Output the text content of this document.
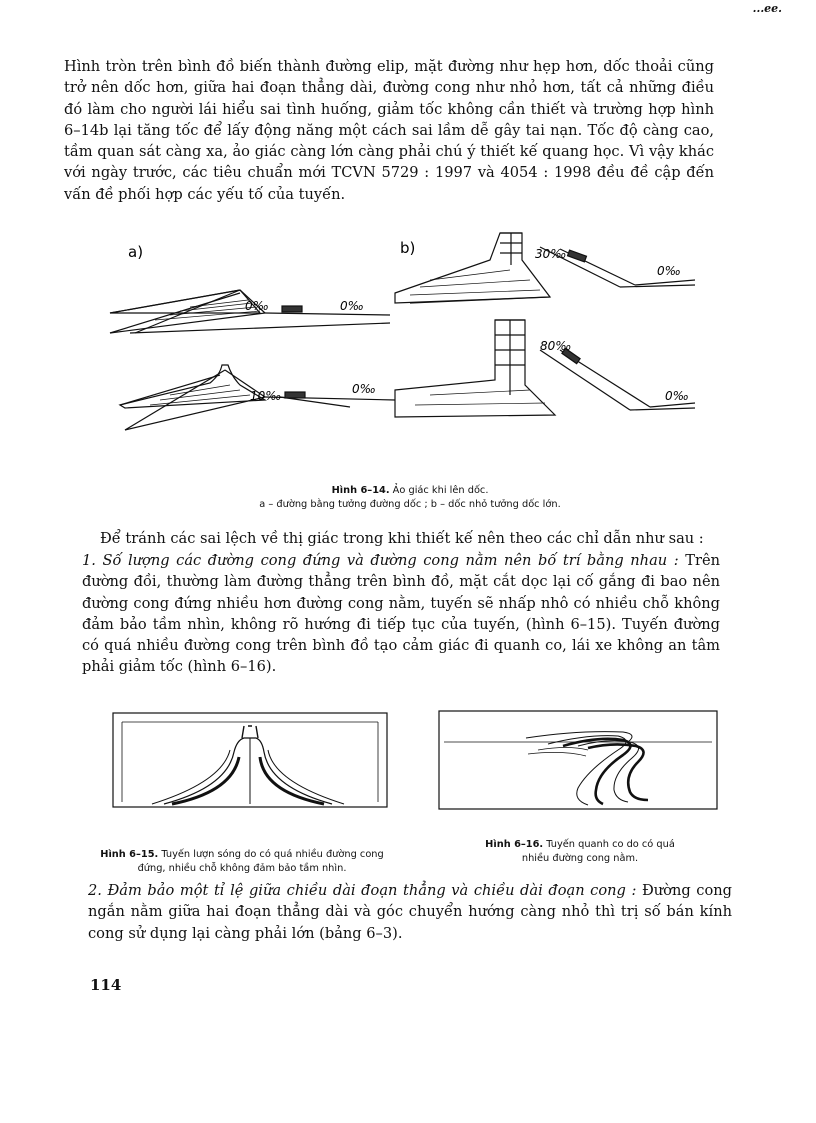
...ee.

Hình tròn trên bình đồ biến thành đường elip, mặt đường như hẹp hơn, dốc thoải cũng trở nên dốc hơn, giữa hai đoạn thẳng dài, đường cong như nhỏ hơn, tất cả những điều đó làm cho người lái hiểu sai tình huống, giảm tốc không cần thiết và trường hợp hình 6–14b lại tăng tốc để lấy động năng một cách sai lầm dễ gây tai nạn. Tốc độ càng cao, tầm quan sát càng xa, ảo giác càng lớn càng phải chú ý thiết kế quang học. Vì vậy khác với ngày trước, các tiêu chuẩn mới TCVN 5729 : 1997 và 4054 : 1998 đều đề cập đến vấn đề phối hợp các yếu tố của tuyến.

a)	b)
0‰	0‰
10‰	0‰
30‰
0‰
80‰
0‰
Hình 6–14. Ảo giác khi lên dốc.
a – đường bằng tưởng đường dốc ; b – dốc nhỏ tưởng dốc lớn.

Để tránh các sai lệch về thị giác trong khi thiết kế nên theo các chỉ dẫn như sau :

1. Số lượng các đường cong đứng và đường cong nằm nên bố trí bằng nhau : Trên đường đồi, thường làm đường thẳng trên bình đồ, mặt cắt dọc lại cố gắng đi bao nên đường cong đứng nhiều hơn đường cong nằm, tuyến sẽ nhấp nhô có nhiều chỗ không đảm bảo tầm nhìn, không rõ hướng đi tiếp tục của tuyến, (hình 6–15). Tuyến đường có quá nhiều đường cong trên bình đồ tạo cảm giác đi quanh co, lái xe không an tâm phải giảm tốc (hình 6–16).

Hình 6–15. Tuyến lượn sóng do có quá nhiều đường cong đứng, nhiều chỗ không đảm bảo tầm nhìn.
Hình 6–16. Tuyến quanh co do có quá nhiều đường cong nằm.

2. Đảm bảo một tỉ lệ giữa chiều dài đoạn thẳng và chiều dài đoạn cong : Đường cong ngắn nằm giữa hai đoạn thẳng dài và góc chuyển hướng càng nhỏ thì trị số bán kính cong sử dụng lại càng phải lớn (bảng 6–3).

114
